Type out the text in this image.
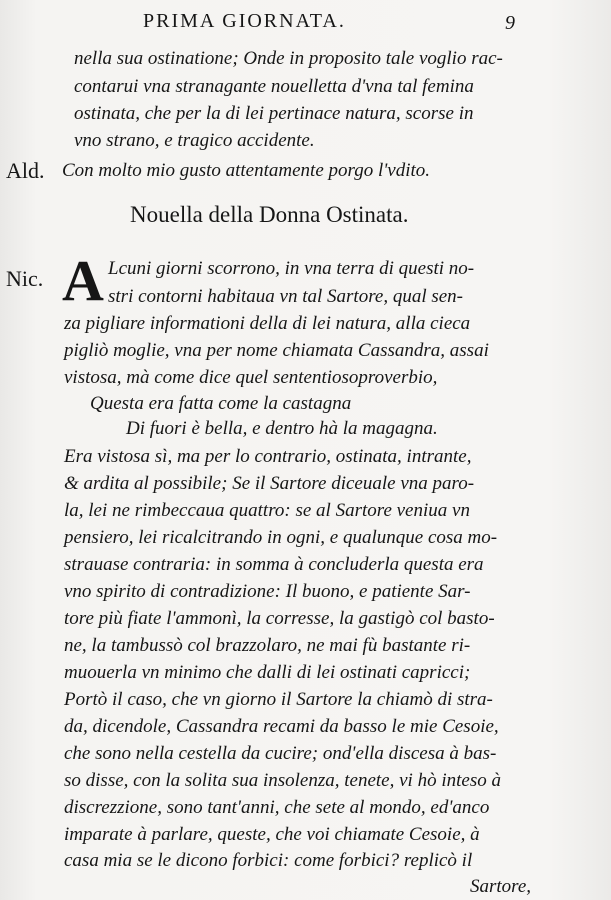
PRIMA GIORNATA.	9
nella sua ostinatione; Onde in proposito tale voglio rac-
contarui vna stranagante nouelletta d'vna tal femina
ostinata, che per la di lei pertinace natura, scorse in
vno strano, e tragico accidente.
Ald. Con molto mio gusto attentamente porgo l'vdito.
Nouella della Donna Ostinata.
Nic. A Lcuni giorni scorrono, in vna terra di questi no-
stri contorni habitaua vn tal Sartore, qual sen-
za pigliare informationi della di lei natura, alla cieca
pigliò moglie, vna per nome chiamata Cassandra, assai
vistosa, mà come dice quel sententiosoproverbio,
Questa era fatta come la castagna
Di fuori è bella, e dentro hà la magagna.
Era vistosa sì, ma per lo contrario, ostinata, intrante,
& ardita al possibile; Se il Sartore diceuale vna paro-
la, lei ne rimbeccaua quattro: se al Sartore veniua vn
pensiero, lei ricalcitrando in ogni, e qualunque cosa mo-
strauase contraria: in somma à concluderla questa era
vno spirito di contradizione: Il buono, e patiente Sar-
tore più fiate l'ammonì, la corresse, la gastigò col basto-
ne, la tambussò col brazzolaro, ne mai fù bastante ri-
muouerla vn minimo che dalli di lei ostinati capricci;
Portò il caso, che vn giorno il Sartore la chiamò di stra-
da, dicendole, Cassandra recami da basso le mie Cesoie,
che sono nella cestella da cucire; ond'ella discesa à bas-
so disse, con la solita sua insolenza, tenete, vi hò inteso à
discrezzione, sono tant'anni, che sete al mondo, ed'anco
imparate à parlare, queste, che voi chiamate Cesoie, à
casa mia se le dicono forbici: come forbici? replicò il
Sartore,
